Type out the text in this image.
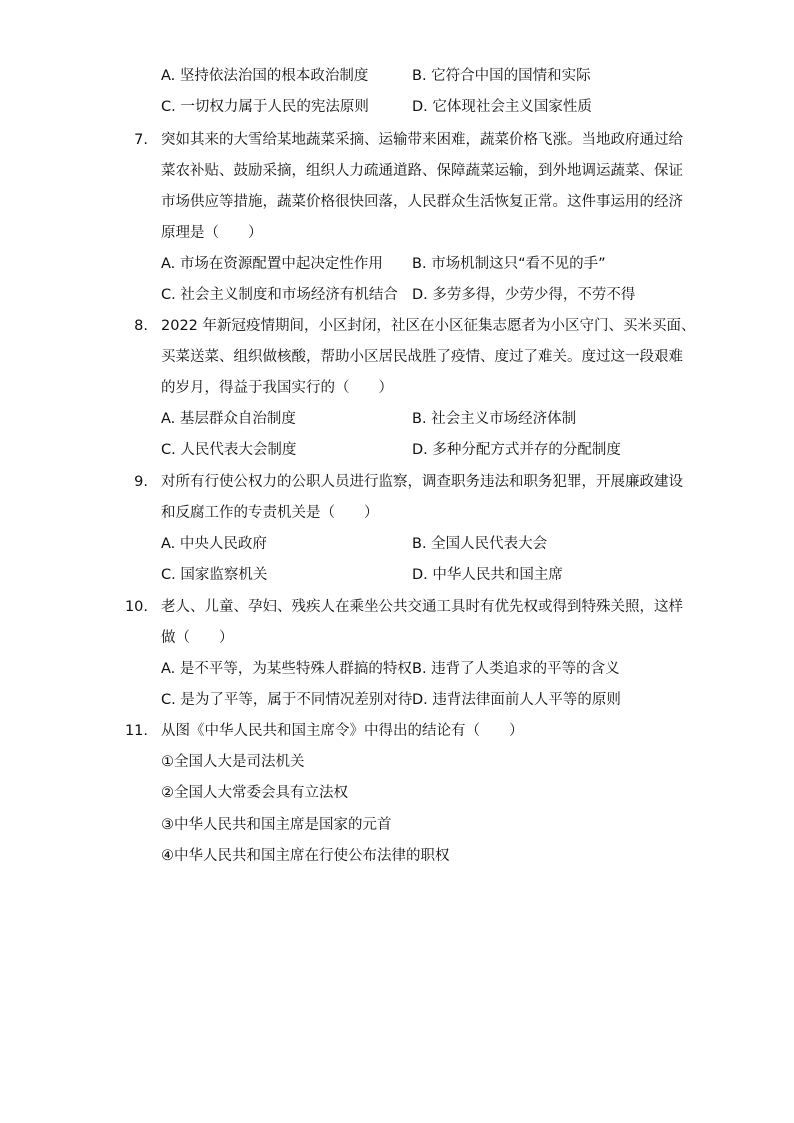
A. 坚持依法治国的根本政治制度	B. 它符合中国的国情和实际
C. 一切权力属于人民的宪法原则	D. 它体现社会主义国家性质
7. 突如其来的大雪给某地蔬菜采摘、运输带来困难，蔬菜价格飞涨。当地政府通过给
菜农补贴、鼓励采摘，组织人力疏通道路、保障蔬菜运输，到外地调运蔬菜、保证
市场供应等措施，蔬菜价格很快回落，人民群众生活恢复正常。这件事运用的经济
原理是（　　）
A. 市场在资源配置中起决定性作用 B. 市场机制这只“看不见的手”
C. 社会主义制度和市场经济有机结合 D. 多劳多得，少劳少得，不劳不得
8. 2022 年新冠疫情期间，小区封闭，社区在小区征集志愿者为小区守门、买米买面、
买菜送菜、组织做核酸，帮助小区居民战胜了疫情、度过了难关。度过这一段艰难
的岁月，得益于我国实行的（　　）
A. 基层群众自治制度	B. 社会主义市场经济体制
C. 人民代表大会制度	D. 多种分配方式并存的分配制度
9. 对所有行使公权力的公职人员进行监察，调查职务违法和职务犯罪，开展廉政建设
和反腐工作的专责机关是（　　）
A. 中央人民政府	B. 全国人民代表大会
C. 国家监察机关	D. 中华人民共和国主席
10. 老人、儿童、孕妇、残疾人在乘坐公共交通工具时有优先权或得到特殊关照，这样
做（　　）
A. 是不平等，为某些特殊人群搞的特权 B. 违背了人类追求的平等的含义
C. 是为了平等，属于不同情况差别对待 D. 违背法律面前人人平等的原则
11. 从图《中华人民共和国主席令》中得出的结论有（　　）
①全国人大是司法机关
②全国人大常委会具有立法权
③中华人民共和国主席是国家的元首
④中华人民共和国主席在行使公布法律的职权
